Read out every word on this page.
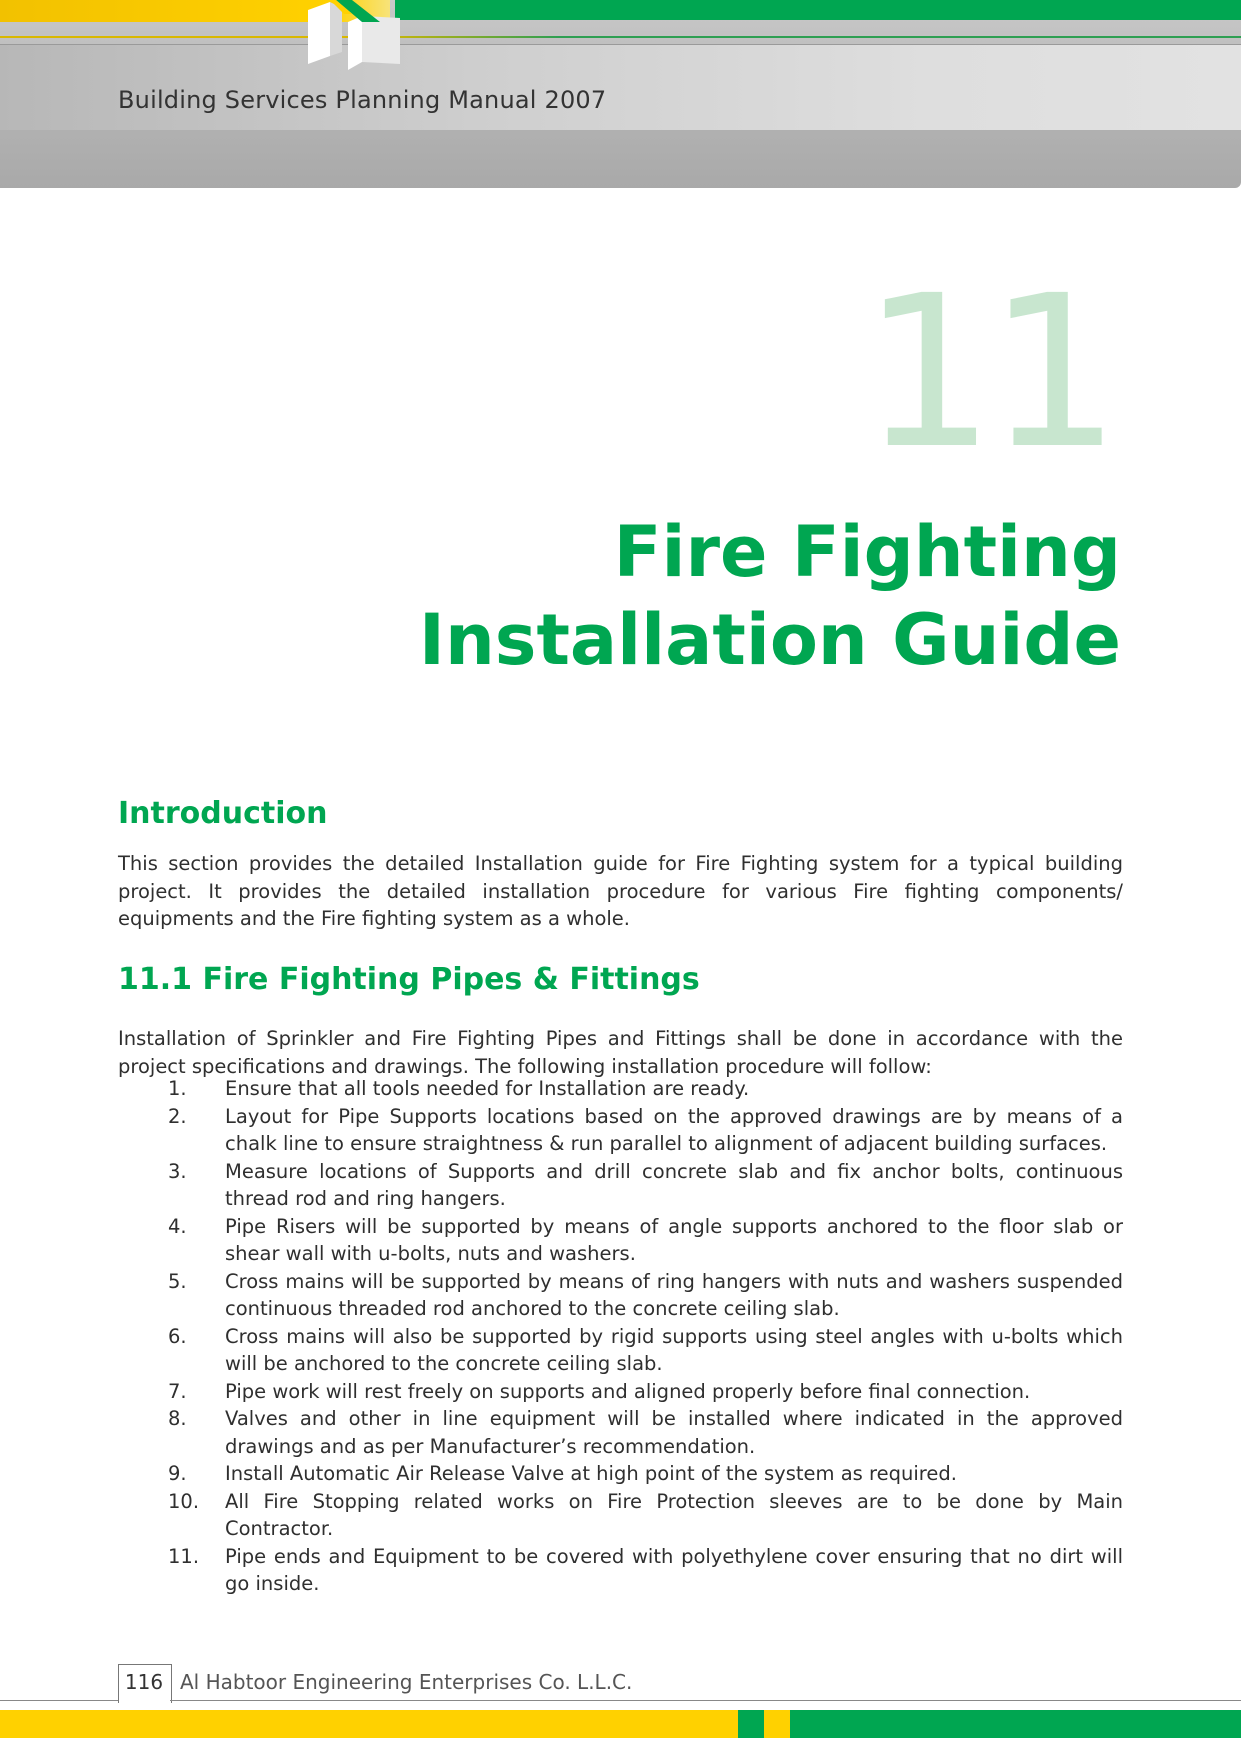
Building Services Planning Manual 2007
11
Fire Fighting
Installation Guide
Introduction
This section provides the detailed Installation guide for Fire Fighting system for a typical building project. It provides the detailed installation procedure for various Fire fighting components/ equipments and the Fire fighting system as a whole.
11.1 Fire Fighting Pipes & Fittings
Installation of Sprinkler and Fire Fighting Pipes and Fittings shall be done in accordance with the project specifications and drawings. The following installation procedure will follow:
1.	Ensure that all tools needed for Installation are ready.
2.	Layout for Pipe Supports locations based on the approved drawings are by means of a chalk line to ensure straightness & run parallel to alignment of adjacent building surfaces.
3.	Measure locations of Supports and drill concrete slab and fix anchor bolts, continuous thread rod and ring hangers.
4.	Pipe Risers will be supported by means of angle supports anchored to the floor slab or shear wall with u-bolts, nuts and washers.
5.	Cross mains will be supported by means of ring hangers with nuts and washers suspended continuous threaded rod anchored to the concrete ceiling slab.
6.	Cross mains will also be supported by rigid supports using steel angles with u-bolts which will be anchored to the concrete ceiling slab.
7.	Pipe work will rest freely on supports and aligned properly before final connection.
8.	Valves and other in line equipment will be installed where indicated in the approved drawings and as per Manufacturer’s recommendation.
9.	Install Automatic Air Release Valve at high point of the system as required.
10.	All Fire Stopping related works on Fire Protection sleeves are to be done by Main Contractor.
11.	Pipe ends and Equipment to be covered with polyethylene cover ensuring that no dirt will go inside.
116 Al Habtoor Engineering Enterprises Co. L.L.C.
